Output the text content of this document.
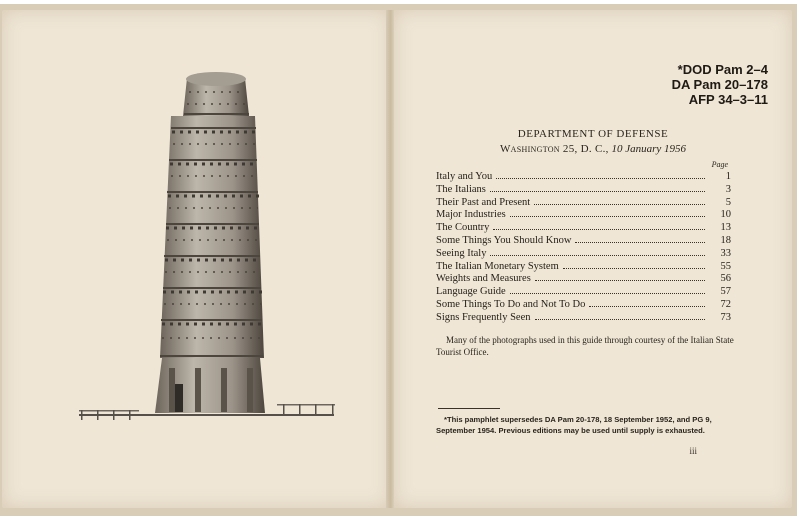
*DOD Pam 2–4
DA Pam 20–178
AFP 34–3–11
DEPARTMENT OF DEFENSE
Washington 25, D. C., 10 January 1956
Page
Italy and You	1
The Italians	3
Their Past and Present	5
Major Industries	10
The Country	13
Some Things You Should Know	18
Seeing Italy	33
The Italian Monetary System	55
Weights and Measures	56
Language Guide	57
Some Things To Do and Not To Do	72
Signs Frequently Seen	73
Many of the photographs used in this guide through courtesy of the Italian State Tourist Office.
*This pamphlet supersedes DA Pam 20-178, 18 September 1952, and PG 9, September 1954. Previous editions may be used until supply is exhausted.
iii
